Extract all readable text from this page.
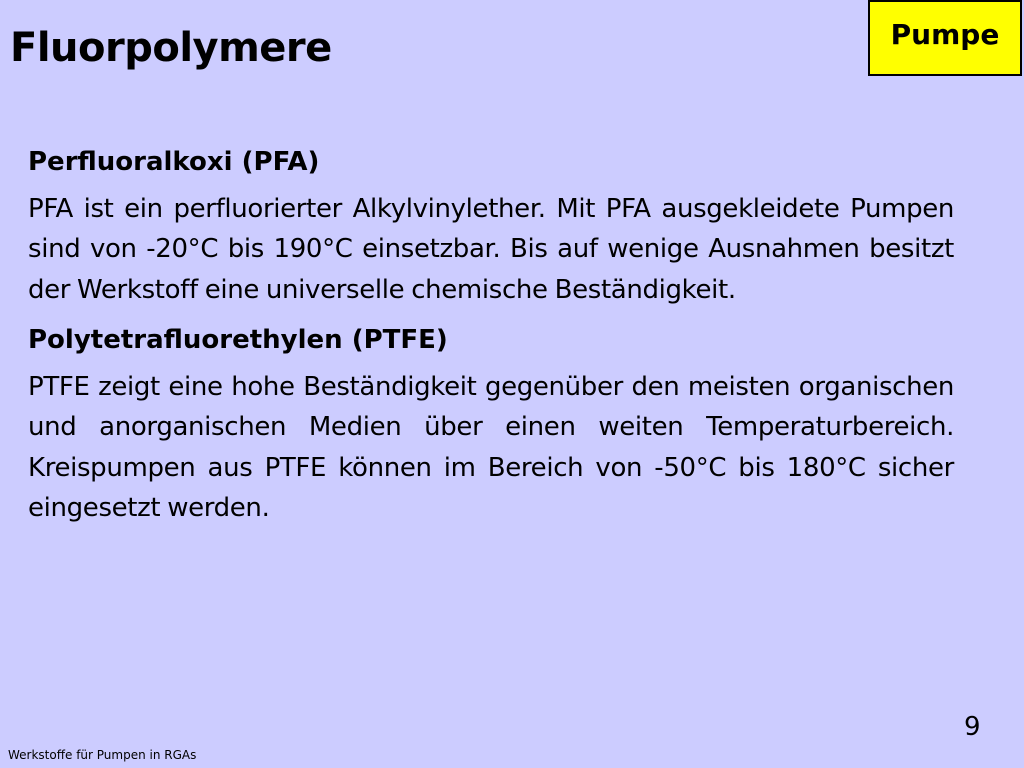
Fluorpolymere	Pumpe

Perfluoralkoxi (PFA)

PFA ist ein perfluorierter Alkylvinylether. Mit PFA ausgekleidete Pumpen sind von -20°C bis 190°C einsetzbar. Bis auf wenige Ausnahmen besitzt der Werkstoff eine universelle chemische Beständigkeit.

Polytetrafluorethylen (PTFE)

PTFE zeigt eine hohe Beständigkeit gegenüber den meisten organischen und anorganischen Medien über einen weiten Temperaturbereich. Kreispumpen aus PTFE können im Bereich von -50°C bis 180°C sicher eingesetzt werden.

9
Werkstoffe für Pumpen in RGAs
